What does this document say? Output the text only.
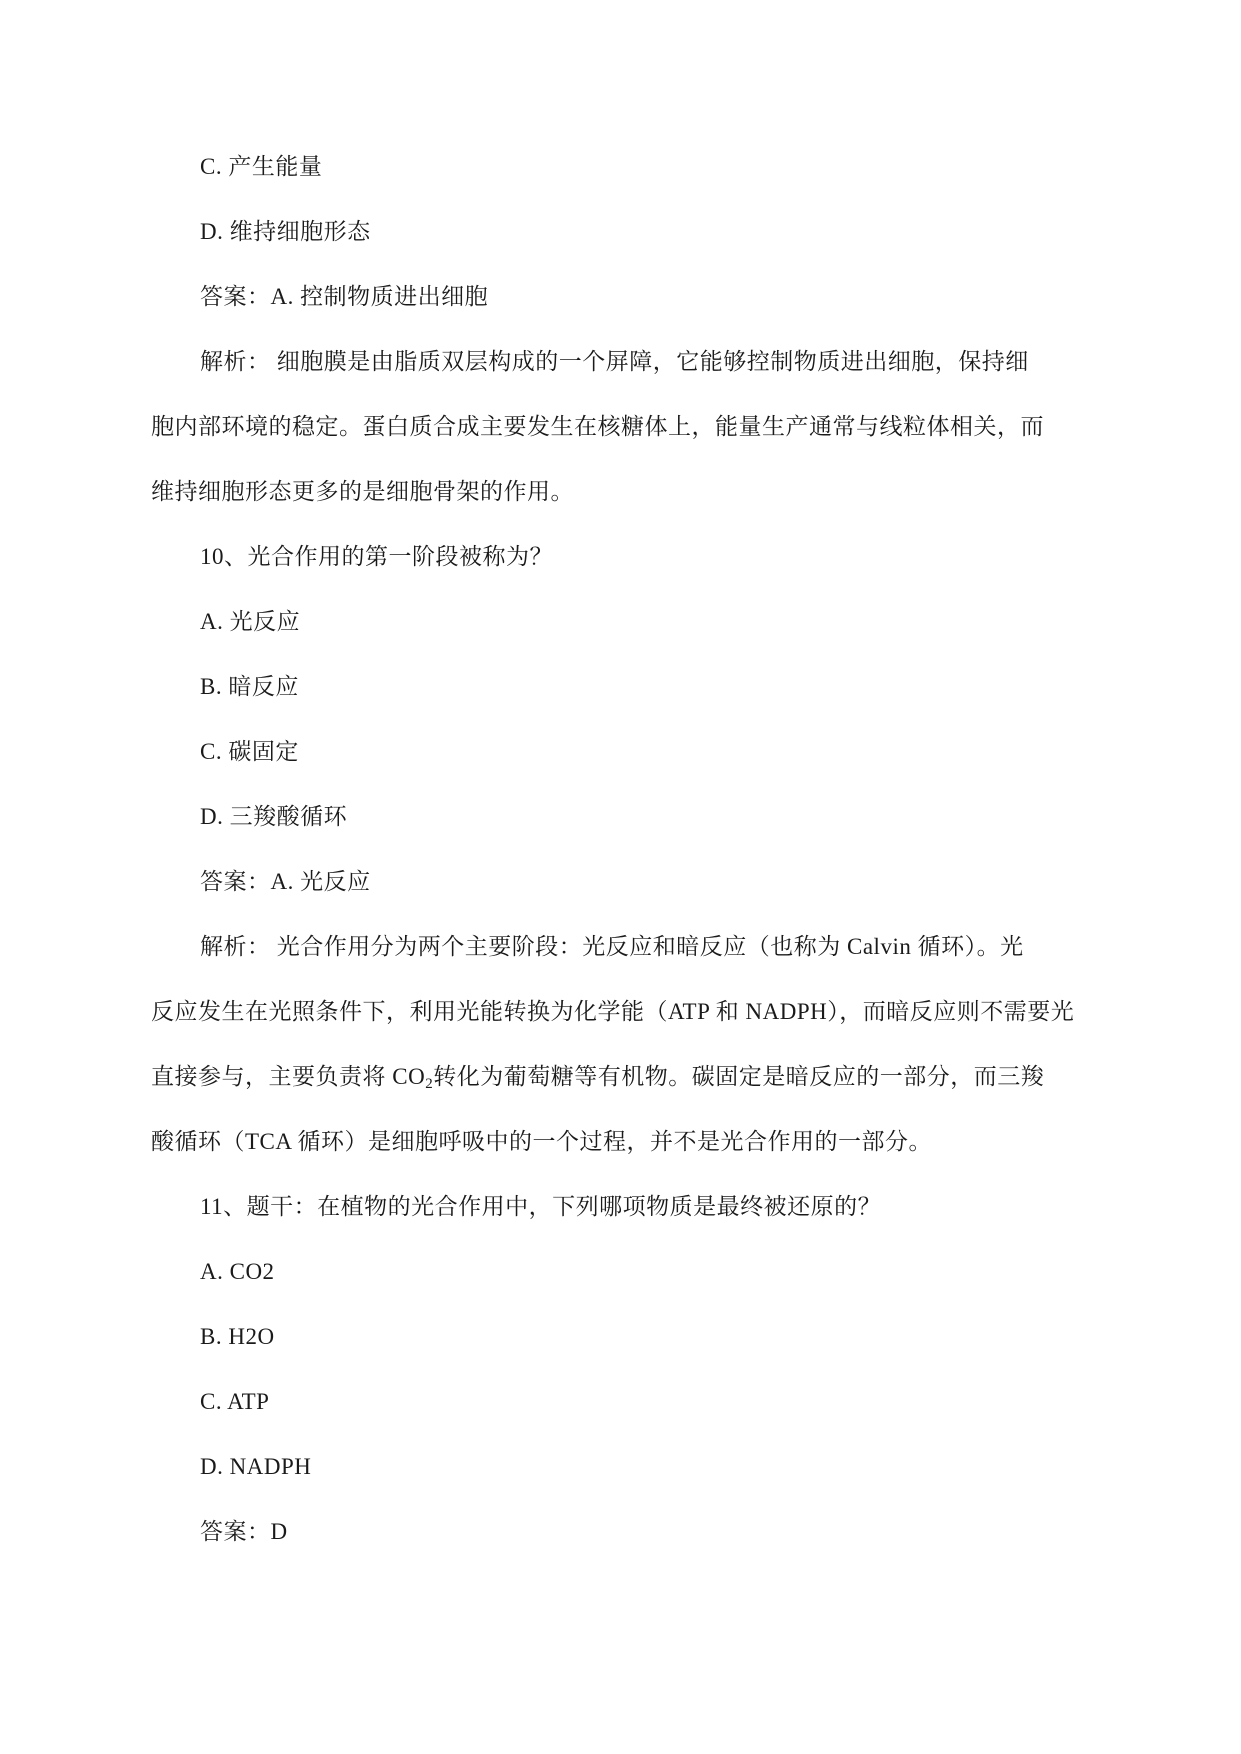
C. 产生能量
D. 维持细胞形态
答案：A. 控制物质进出细胞
解析： 细胞膜是由脂质双层构成的一个屏障，它能够控制物质进出细胞，保持细
胞内部环境的稳定。蛋白质合成主要发生在核糖体上，能量生产通常与线粒体相关，而
维持细胞形态更多的是细胞骨架的作用。
10、光合作用的第一阶段被称为？
A. 光反应
B. 暗反应
C. 碳固定
D. 三羧酸循环
答案：A. 光反应
解析： 光合作用分为两个主要阶段：光反应和暗反应（也称为 Calvin 循环）。光
反应发生在光照条件下，利用光能转换为化学能（ATP 和 NADPH），而暗反应则不需要光
直接参与，主要负责将 $CO_2$转化为葡萄糖等有机物。碳固定是暗反应的一部分，而三羧
酸循环（TCA 循环）是细胞呼吸中的一个过程，并不是光合作用的一部分。
11、题干：在植物的光合作用中，下列哪项物质是最终被还原的？
A. CO2
B. H2O
C. ATP
D. NADPH
答案：D
